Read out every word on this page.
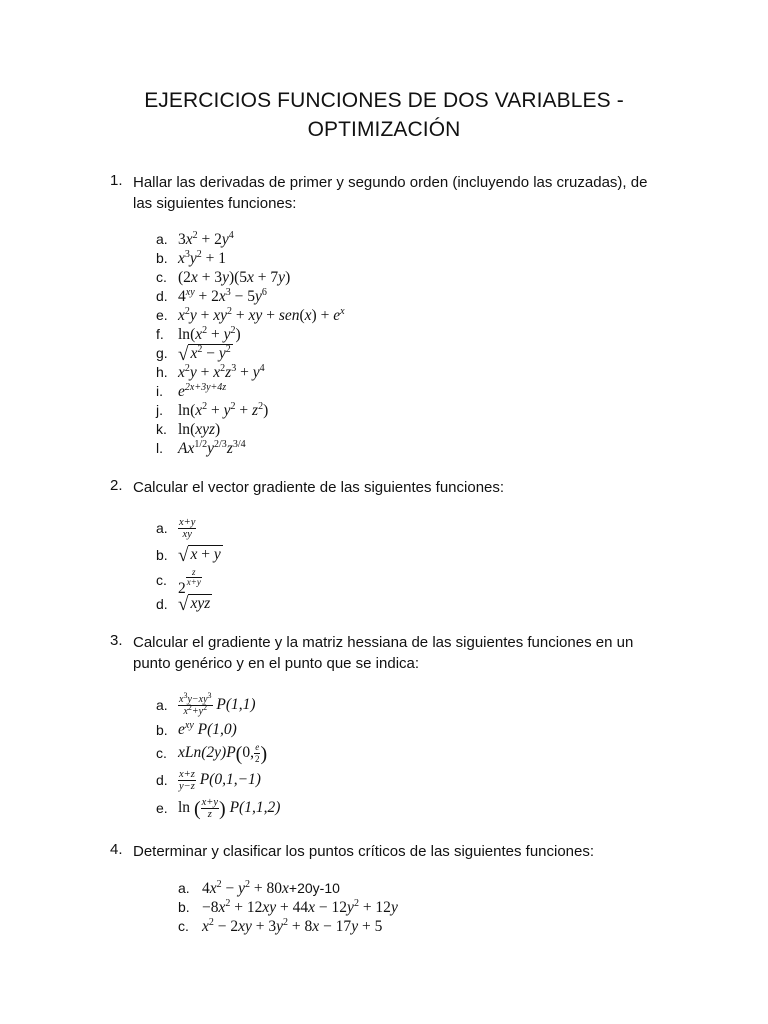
EJERCICIOS FUNCIONES DE DOS VARIABLES -
OPTIMIZACIÓN
1. Hallar las derivadas de primer y segundo orden (incluyendo las cruzadas), de las siguientes funciones:
a. $3x^2 + 2y^4$
b. $x^3y^2 + 1$
c. (2x + 3y)(5x + 7y)
d. $4^{xy} + 2x^3 - 5y^6$
e. $x^2y + xy^2$ + xy + $sen(x) + e^x$
f. $\ln(x^2 + y^2)$
g. √ $x^2 - y^2$
h. $x^2y + x^2z^3 + y^4$
i. $e^{2x+3y+4z}$
j. $\ln(x^2 + y^2 + z^2)$
k. ln(xyz)
l. $Ax^{1/2}y^{2/3}z^{3/4}$
2. Calcular el vector gradiente de las siguientes funciones:
a. $\frac{x+y}{xy}$
b. √ x + y
c. 2
$\frac{z}{x+y}$
d. √ xyz
3. Calcular el gradiente y la matriz hessiana de las siguientes funciones en un punto genérico y en el punto que se indica:
a.	$\frac{x^3y-xy^3}{x^2+y^2} P(1,1)$
b. $e^{xy}$ P(1,0)
c. xLn(2y)P(0, $\frac{e}{2}$ )
d. $\frac{x+z}{y-z} P(0,1,-1)$
e. ln ( $\frac{x+y}{z}$ ) P(1,1,2)
4. Determinar y clasificar los puntos críticos de las siguientes funciones:
a. $4x^2 - y^2 + 80x+20y-10$
b. $-8x^2 + 12xy + 44x - 12y^2 + 12y$
c. $x^2 - 2xy + 3y^2 + 8x - 17y + 5$
